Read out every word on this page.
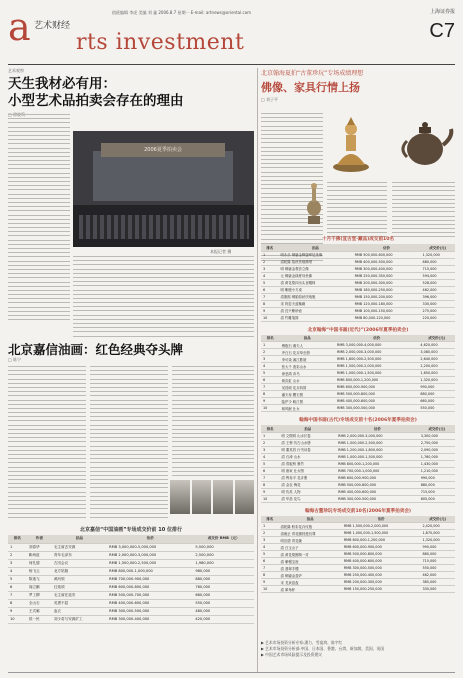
a 艺术财经
rts investment
值班编辑 李虎 美编 刘 鑫 2006.8.7 星期一 E-mail: artnews@oriental.com	上海证券报
C7
艺术观察
天生我材必有用：
小型艺术品拍卖会存在的理由
2006夏季拍卖会
本报记者 摄
北京嘉信油画：红色经典夺头牌
□ 陈宁
北京嘉信“中国油画”专场成交价前 10 位排行
排名	作者	拍品	估价	成交价 RMB（元）
1	刘春华	毛主席去安源	RMB 3,000,000-5,000,000	5,500,000
2	靳尚谊	青年毛泽东	RMB 2,000,000-3,000,000	2,500,000
3	何孔德	古田会议	RMB 1,500,000-2,500,000	1,980,000
4	杨飞云	北方姑娘	RMB 800,000-1,000,000	980,000
5	陈逸飞	黄河颂	RMB 700,000-900,000	880,000
6	闻立鹏	红烛颂	RMB 600,000-800,000	760,000
7	罗工柳	毛主席在延安	RMB 500,000-700,000	660,000
8	全山石	英勇不屈	RMB 400,000-600,000	550,000
9	王式廓	血衣	RMB 300,000-500,000	480,000
10	侯一民	刘少奇与安源矿工	RMB 300,000-400,000	420,000
北京翰海夏拍“古董珍玩”专场成绩理想
佛像、家具行情上扬
□ 刘子平
十月千佛(宣古堂·藏品)成交前10名
排名	拍品	估价	成交价(元)
1	明永乐 铜鎏金释迦牟尼坐像	RMB 500,000-600,000	1,320,000
2	清乾隆 掐丝珐琅佛塔	RMB 400,000-500,000	880,000
3	明 铜鎏金观音立像	RMB 300,000-400,000	715,000
4	元 铜鎏金绿度母坐像	RMB 250,000-350,000	594,000
5	清 黄花梨四出头官帽椅	RMB 200,000-300,000	528,000
6	明 紫檀小方桌	RMB 180,000-250,000	462,000
7	清康熙 铜胎掐丝珐琅瓶	RMB 150,000-200,000	396,000
8	宋 钧窑天蓝釉碗	RMB 120,000-180,000	330,000
9	清 宜兴紫砂壶	RMB 100,000-150,000	275,000
10	清 竹雕笔筒	RMB 80,000-120,000	220,000
北京翰海“中国书画(近代)”(2006年夏季拍卖会)
排名	拍品	估价	成交价(元)
1	傅抱石 湘夫人	RMB 3,000,000-4,000,000	4,620,000
2	齐白石 花卉草虫册	RMB 2,000,000-3,000,000	3,080,000
3	李可染 漓江胜境	RMB 1,800,000-2,500,000	2,640,000
4	张大千 泼彩山水	RMB 1,500,000-2,000,000	2,200,000
5	徐悲鸿 奔马	RMB 1,000,000-1,500,000	1,650,000
6	黄宾虹 山水	RMB 800,000-1,200,000	1,320,000
7	吴昌硕 花卉四屏	RMB 600,000-900,000	990,000
8	潘天寿 鹰石图	RMB 500,000-800,000	880,000
9	陆俨少 峡江图	RMB 400,000-600,000	660,000
10	林风眠 仕女	RMB 300,000-500,000	550,000
翰海中国书画(古代)专场成交前十名(2006年夏季拍卖会)
排名	拍品	估价	成交价(元)
1	明 文徵明 山水长卷	RMB 2,000,000-3,000,000	3,300,000
2	清 王翚 仿古山水册	RMB 1,500,000-2,500,000	2,750,000
3	明 董其昌 行书诗卷	RMB 1,200,000-1,800,000	2,090,000
4	清 石涛 山水	RMB 1,000,000-1,500,000	1,760,000
5	清 郑板桥 墨竹	RMB 800,000-1,200,000	1,430,000
6	明 唐寅 仕女图	RMB 700,000-1,000,000	1,210,000
7	清 恽寿平 花卉册	RMB 600,000-900,000	990,000
8	清 金农 梅花	RMB 500,000-800,000	880,000
9	明 仇英 人物	RMB 400,000-600,000	715,000
10	清 华嵒 花鸟	RMB 300,000-500,000	605,000
翰海古董珍玩专场成交前10名(2006年夏季拍卖会)
排名	拍品	估价	成交价(元)
1	清乾隆 粉彩花卉纹瓶	RMB 1,500,000-2,000,000	2,420,000
2	清雍正 青花缠枝莲纹尊	RMB 1,000,000-1,500,000	1,870,000
3	明宣德 青花碗	RMB 800,000-1,200,000	1,320,000
4	清 白玉山子	RMB 600,000-900,000	990,000
5	清 黄花梨圈椅一对	RMB 500,000-800,000	880,000
6	清 紫檀宝座	RMB 400,000-600,000	715,000
7	清 翡翠手镯	RMB 300,000-500,000	550,000
8	清 铜鎏金香炉	RMB 250,000-400,000	462,000
9	宋 龙泉窑盘	RMB 200,000-300,000	385,000
10	清 犀角杯	RMB 150,000-250,000	330,000
▶ 艺术市场投资分析专家:潘力、雪宴鸿、陈宇红
▶ 艺术市场投资分析部:中国、日本国、香港、台湾、新加坡、美国、英国
▶ 中国艺术市场风险提示及投资建议
